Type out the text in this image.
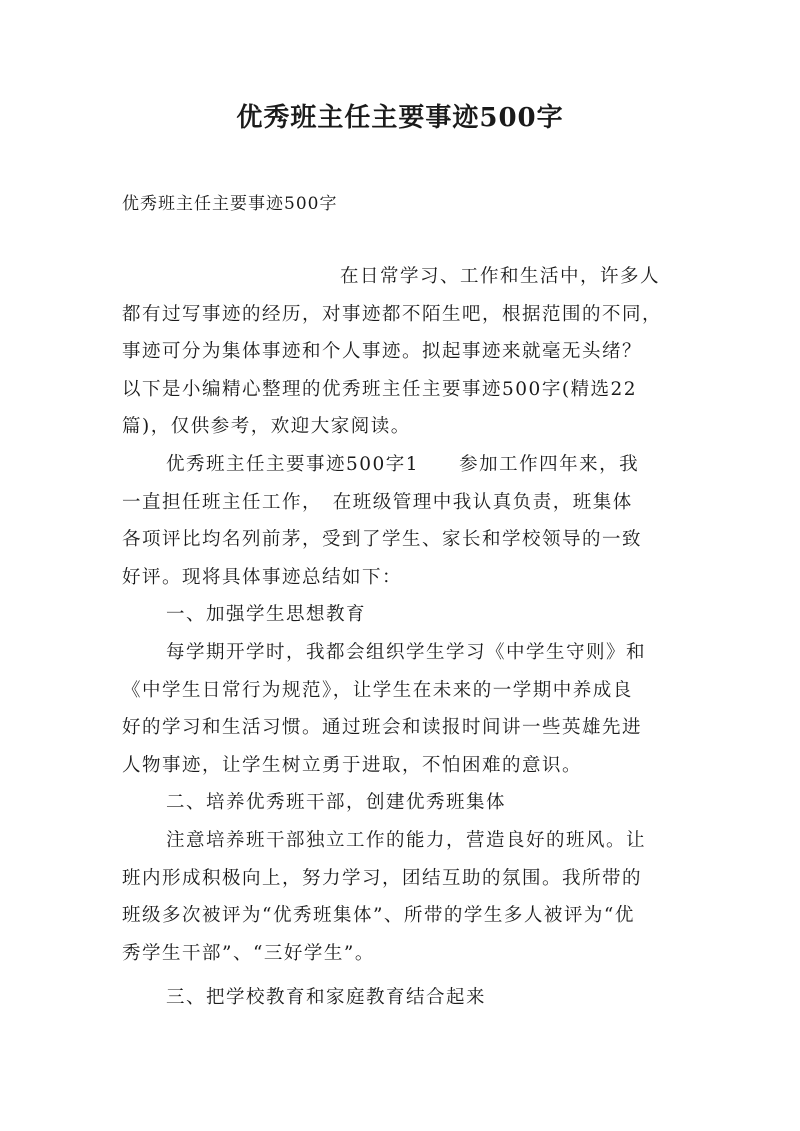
优秀班主任主要事迹500字

优秀班主任主要事迹500字

在日常学习、工作和生活中，许多人
都有过写事迹的经历，对事迹都不陌生吧，根据范围的不同，
事迹可分为集体事迹和个人事迹。拟起事迹来就毫无头绪？
以下是小编精心整理的优秀班主任主要事迹500字(精选22
篇)，仅供参考，欢迎大家阅读。
优秀班主任主要事迹500字1　　参加工作四年来，我
一直担任班主任工作，　在班级管理中我认真负责，班集体
各项评比均名列前茅，受到了学生、家长和学校领导的一致
好评。现将具体事迹总结如下：
一、加强学生思想教育
每学期开学时，我都会组织学生学习《中学生守则》和
《中学生日常行为规范》，让学生在未来的一学期中养成良
好的学习和生活习惯。通过班会和读报时间讲一些英雄先进
人物事迹，让学生树立勇于进取，不怕困难的意识。
二、培养优秀班干部，创建优秀班集体
注意培养班干部独立工作的能力，营造良好的班风。让
班内形成积极向上，努力学习，团结互助的氛围。我所带的
班级多次被评为“优秀班集体”、所带的学生多人被评为“优
秀学生干部”、“三好学生”。
三、把学校教育和家庭教育结合起来
